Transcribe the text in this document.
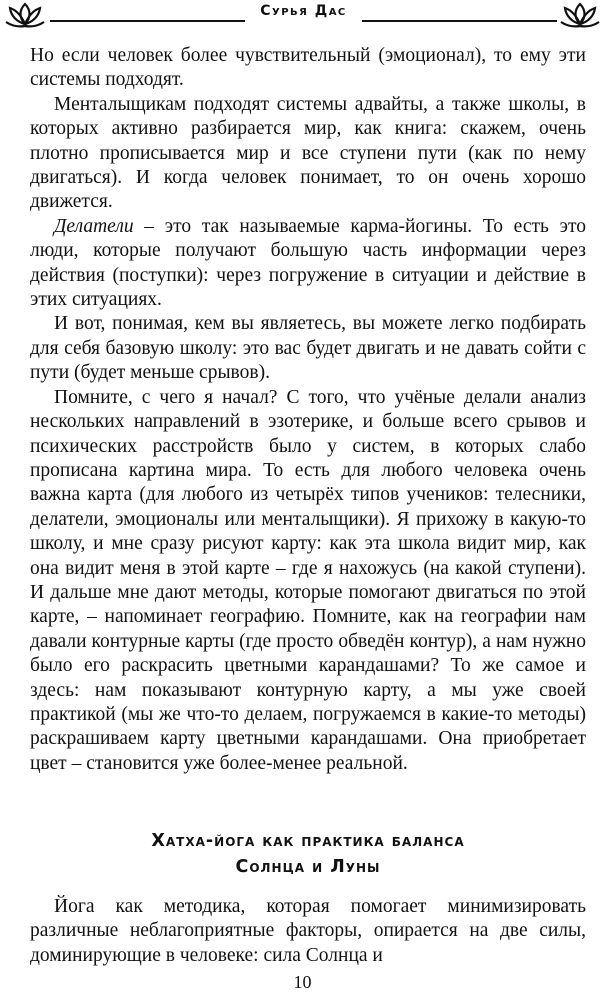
Сурья Дас

Но если человек более чувствительный (эмоционал), то ему эти системы подходят.

Менталыщикам подходят системы адвайты, а также школы, в которых активно разбирается мир, как книга: скажем, очень плотно прописывается мир и все ступени пути (как по нему двигаться). И когда человек понимает, то он очень хорошо движется.

Делатели – это так называемые карма-йогины. То есть это люди, которые получают большую часть информации через действия (поступки): через погружение в ситуации и действие в этих ситуациях.

И вот, понимая, кем вы являетесь, вы можете легко подбирать для себя базовую школу: это вас будет двигать и не давать сойти с пути (будет меньше срывов).

Помните, с чего я начал? С того, что учёные делали анализ нескольких направлений в эзотерике, и больше всего срывов и психических расстройств было у систем, в которых слабо прописана картина мира. То есть для любого человека очень важна карта (для любого из четырёх типов учеников: телесники, делатели, эмоционалы или менталыщики). Я прихожу в какую-то школу, и мне сразу рисуют карту: как эта школа видит мир, как она видит меня в этой карте – где я нахожусь (на какой ступени). И дальше мне дают методы, которые помогают двигаться по этой карте, – напоминает географию. Помните, как на географии нам давали контурные карты (где просто обведён контур), а нам нужно было его раскрасить цветными карандашами? То же самое и здесь: нам показывают контурную карту, а мы уже своей практикой (мы же что-то делаем, погружаемся в какие-то методы) раскрашиваем карту цветными карандашами. Она приобретает цвет – становится уже более-менее реальной.

Хатха-йога как практика баланса
Солнца и Луны

Йога как методика, которая помогает минимизировать различные неблагоприятные факторы, опирается на две силы, доминирующие в человеке: сила Солнца и

10
